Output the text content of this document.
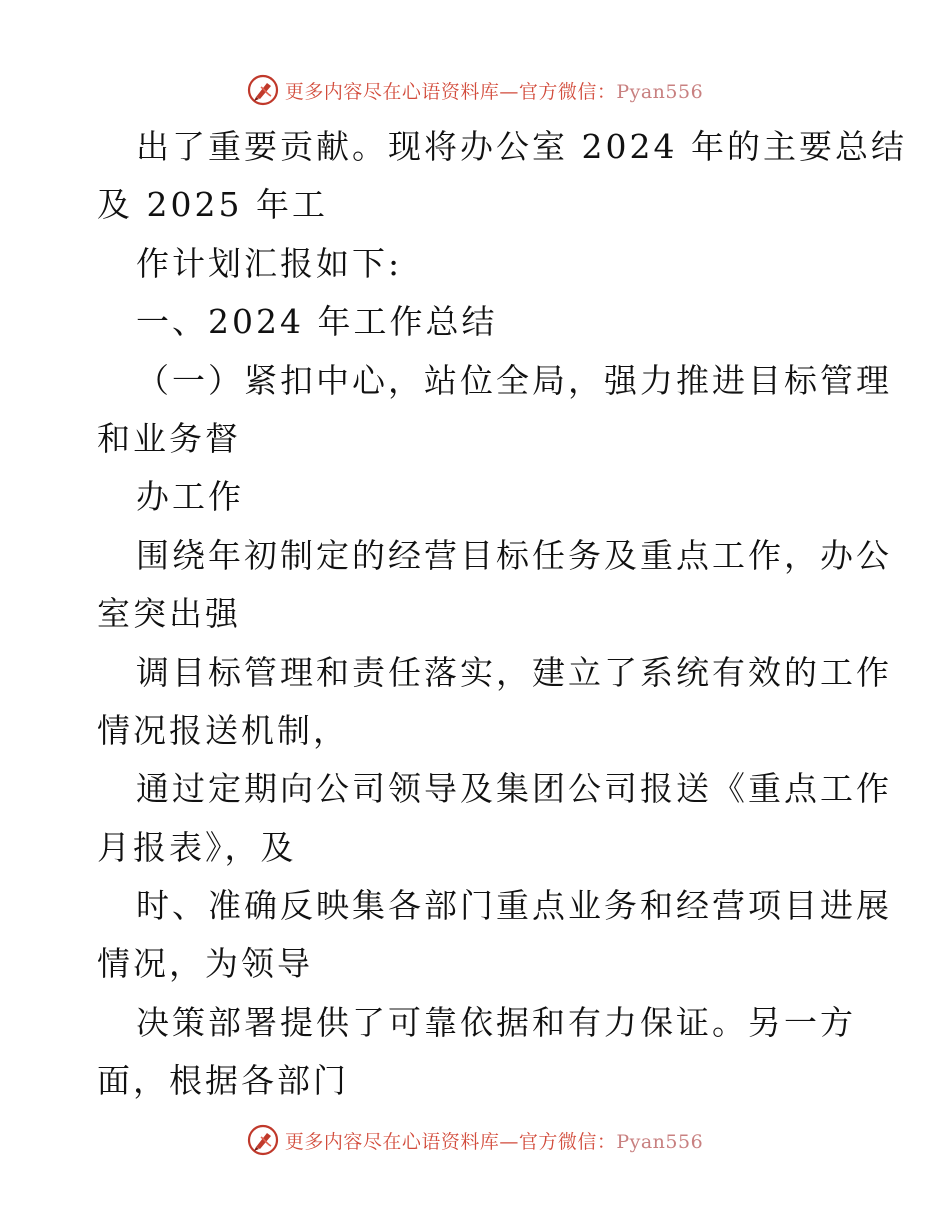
更多内容尽在心语资料库—官方微信：Pyan556
出了重要贡献。现将办公室 2024 年的主要总结
及 2025 年工
作计划汇报如下:
一、2024 年工作总结
（一）紧扣中心，站位全局，强力推进目标管理
和业务督
办工作
围绕年初制定的经营目标任务及重点工作，办公
室突出强
调目标管理和责任落实，建立了系统有效的工作
情况报送机制，
通过定期向公司领导及集团公司报送《重点工作
月报表》，及
时、准确反映集各部门重点业务和经营项目进展
情况，为领导
决策部署提供了可靠依据和有力保证。另一方
面，根据各部门
更多内容尽在心语资料库—官方微信：Pyan556
